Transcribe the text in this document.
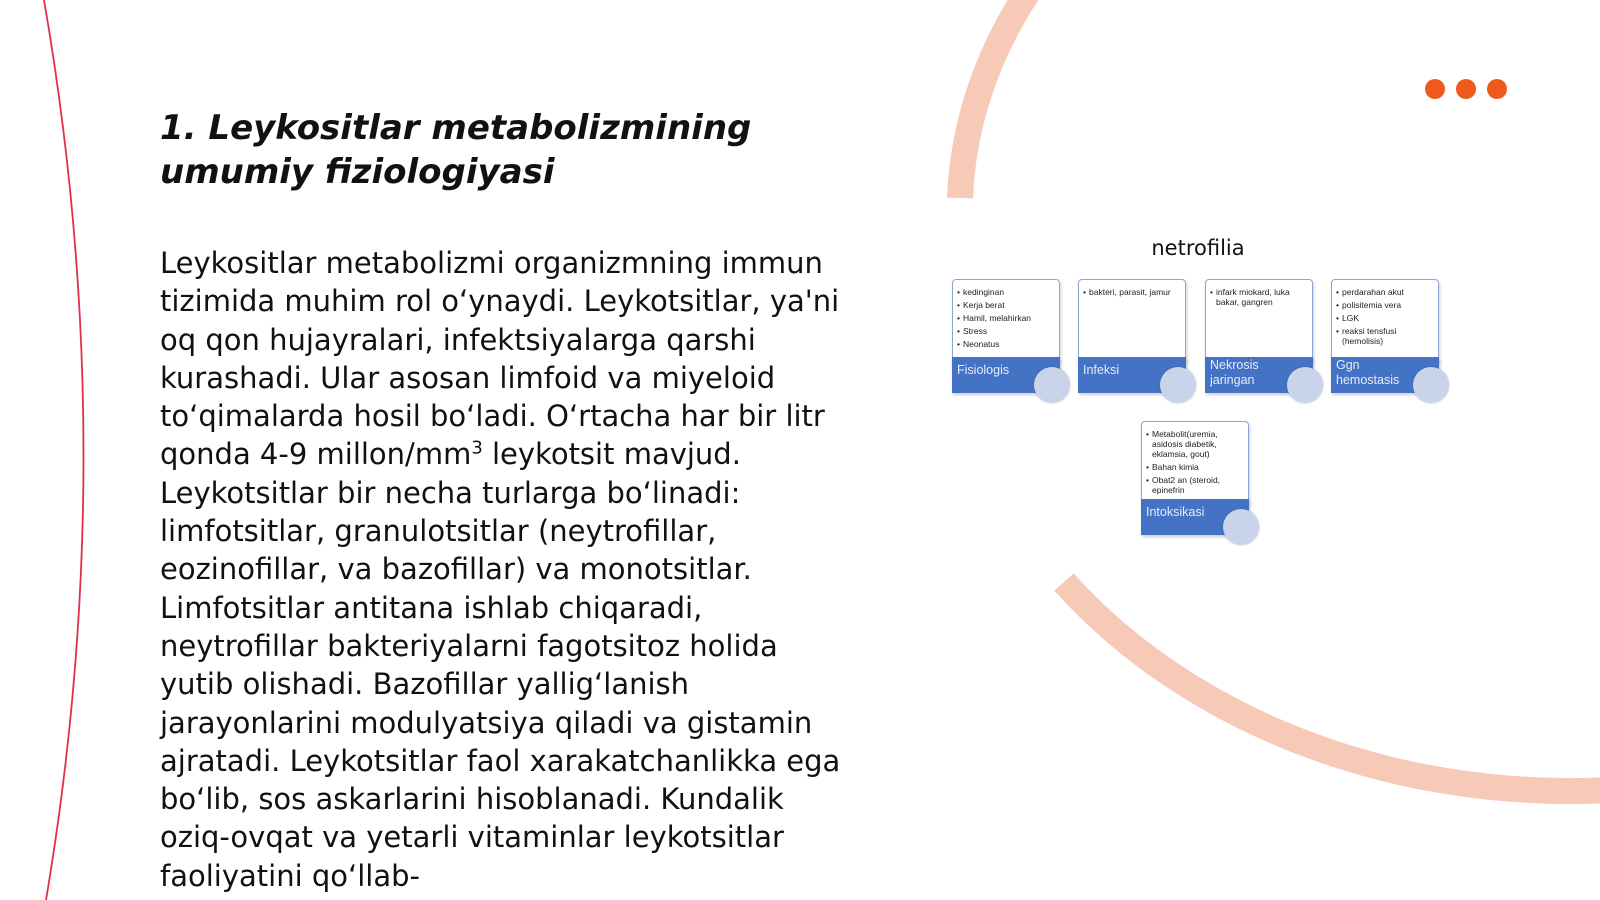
1. Leykositlar metabolizmining umumiy fiziologiyasi

Leykositlar metabolizmi organizmning immun tizimida muhim rol o‘ynaydi. Leykotsitlar, ya'ni oq qon hujayralari, infektsiyalarga qarshi kurashadi. Ular asosan limfoid va miyeloid to‘qimalarda hosil bo‘ladi. O‘rtacha har bir litr qonda 4-9 millon/$mm^3$ leykotsit mavjud. Leykotsitlar bir necha turlarga bo‘linadi: limfotsitlar, granulotsitlar (neytrofillar, eozinofillar, va bazofillar) va monotsitlar. Limfotsitlar antitana ishlab chiqaradi, neytrofillar bakteriyalarni fagotsitoz holida yutib olishadi. Bazofillar yallig‘lanish jarayonlarini modulyatsiya qiladi va gistamin ajratadi. Leykotsitlar faol xarakatchanlikka ega bo‘lib, sos askarlarini hisoblanadi. Kundalik oziq-ovqat va yetarli vitaminlar leykotsitlar faoliyatini qo‘llab-

netrofilia
• kedinginan
• Kerja berat
• Hamil, melahirkan
• Stress
• Neonatus
Fisiologis
• bakteri, parasit, jamur
Infeksi
• infark miokard, luka bakar, gangren
Nekrosis jaringan
• perdarahan akut
• polisitemia vera
• LGK
• reaksi tensfusi (hemolisis)
Ggn hemostasis
• Metabolit(uremia, asidosis diabetik, eklamsia, gout)
• Bahan kimia
• Obat2 an (steroid, epinefrin
Intoksikasi
